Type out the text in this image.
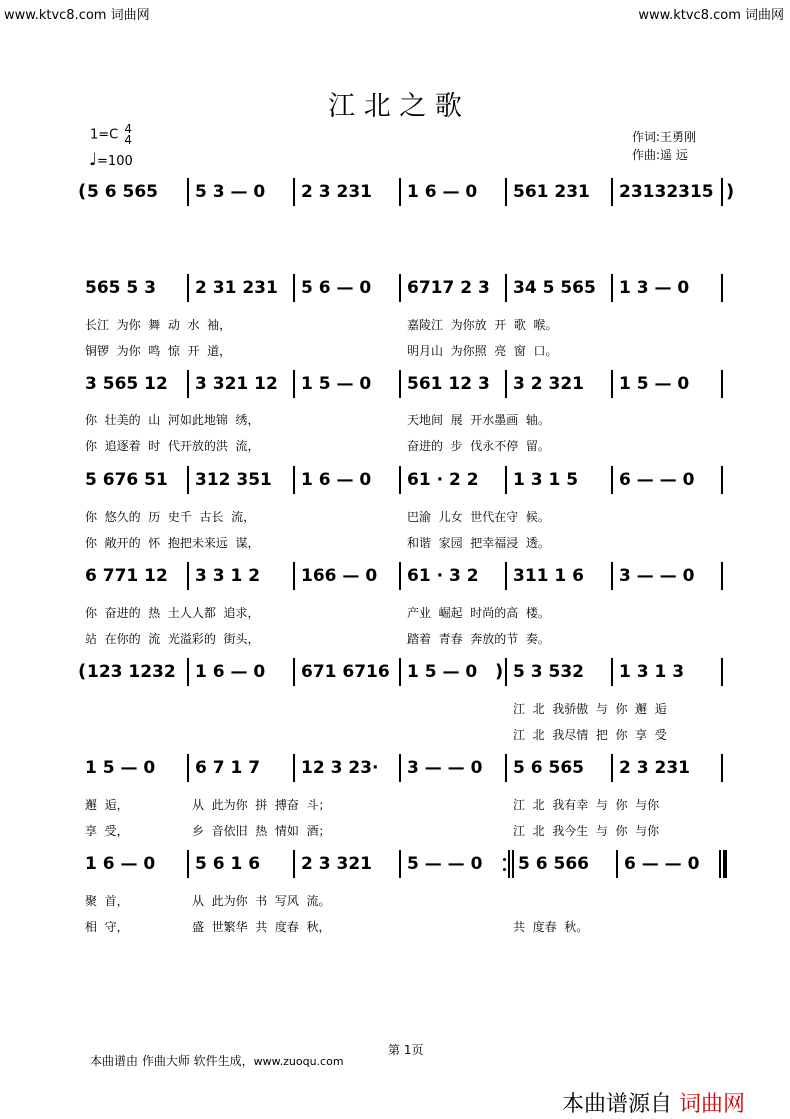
www.ktvc8.com 词曲网	www.ktvc8.com 词曲网
江 北 之 歌
1=C 4
4
♩=100
作词:王勇刚
作曲:遥 远
( 5 6 565 5 3 — 0 2 3 231 1 6 — 0 561 231 23132315 )
565 5 3 2 31 231 5 6 — 0 6717 2 3 34 5 565 1 3 — 0
长江  为你  舞  动  水  袖，	嘉陵江  为你放  开  歌  喉。
铜锣  为你  鸣  惊  开  道，	明月山  为你照  亮  窗  口。
3 565 12 3 321 12 1 5 — 0 561 12 3 3 2 321 1 5 — 0
你  壮美的  山  河如此地锦  绣，	天地间  展  开水墨画  轴。
你  追逐着  时  代开放的洪  流，	奋进的  步  伐永不停  留。
5 676 51 312 351 1 6 — 0 61 · 2 2 1 3 1 5 6 — — 0
你  悠久的  历  史千  古长  流，	巴渝  儿女  世代在守  候。
你  敞开的  怀  抱把未来远  谋，	和谐  家园  把幸福浸  透。
6 771 12 3 3 1 2 166 — 0 61 · 3 2 311 1 6 3 — — 0
你  奋进的  热  土人人都  追求，	产业  崛起  时尚的高  楼。
站  在你的  流  光溢彩的  街头，	踏着  青春  奔放的节  奏。
( 123 1232 1 6 — 0 671 6716 1 5 — 0 ) 5 3 532 1 3 1 3
江  北  我骄傲  与  你  邂  逅
江  北  我尽情  把  你  享  受
1 5 — 0 6 7 1 7 12 3 23· 3 — — 0 5 6 565 2 3 231
邂  逅，	从  此为你  拼  搏奋  斗；	江  北  我有幸  与  你  与你
享  受，	乡  音依旧  热  情如  酒；	江  北  我今生  与  你  与你
1 6 — 0 5 6 1 6 2 3 321 5 — — 0 5 6 566 6 — — 0
聚  首，	从  此为你  书  写风  流。
相  守，	盛  世繁华  共  度春  秋，	共  度春  秋。
第 1页
本曲谱由 作曲大师 软件生成，www.zuoqu.com
本曲谱源自 词曲网
